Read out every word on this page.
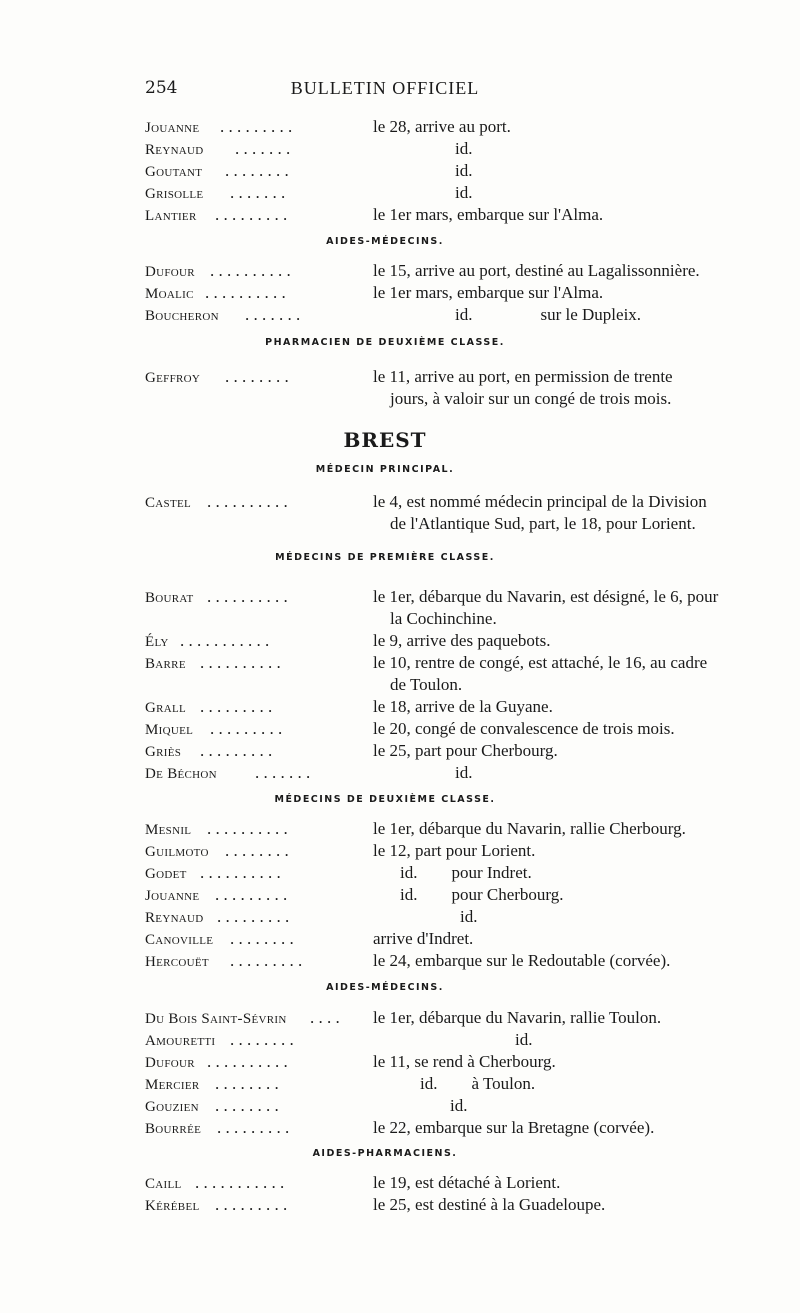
254	BULLETIN OFFICIEL
Jouanne . . . . . . . . .	le 28, arrive au port.
Reynaud . . . . . . .	id.
Goutant . . . . . . . .	id.
Grisolle . . . . . . .	id.
Lantier . . . . . . . . .	le 1er mars, embarque sur l'Alma.
AIDES-MÉDECINS.
Dufour . . . . . . . . . .	le 15, arrive au port, destiné au Lagalissonnière.
Moalic . . . . . . . . . .	le 1er mars, embarque sur l'Alma.
Boucheron . . . . . . .	id.                sur le Dupleix.
PHARMACIEN DE DEUXIÈME CLASSE.
Geffroy . . . . . . . .	le 11, arrive au port, en permission de trente
jours, à valoir sur un congé de trois mois.
BREST
MÉDECIN PRINCIPAL.
Castel . . . . . . . . . .	le 4, est nommé médecin principal de la Division
de l'Atlantique Sud, part, le 18, pour Lorient.
MÉDECINS DE PREMIÈRE CLASSE.
Bourat . . . . . . . . . .	le 1er, débarque du Navarin, est désigné, le 6, pour
la Cochinchine.
Ély . . . . . . . . . . .	le 9, arrive des paquebots.
Barre . . . . . . . . . .	le 10, rentre de congé, est attaché, le 16, au cadre
de Toulon.
Grall . . . . . . . . .	le 18, arrive de la Guyane.
Miquel . . . . . . . . .	le 20, congé de convalescence de trois mois.
Griès . . . . . . . . .	le 25, part pour Cherbourg.
De Béchon . . . . . . .	id.
MÉDECINS DE DEUXIÈME CLASSE.
Mesnil . . . . . . . . . .	le 1er, débarque du Navarin, rallie Cherbourg.
Guilmoto . . . . . . . .	le 12, part pour Lorient.
Godet . . . . . . . . . .	id.        pour Indret.
Jouanne . . . . . . . . .	id.        pour Cherbourg.
Reynaud . . . . . . . . .	id.
Canoville . . . . . . . .	arrive d'Indret.
Hercouët . . . . . . . . .	le 24, embarque sur le Redoutable (corvée).
AIDES-MÉDECINS.
Du Bois Saint-Sévrin . . . . le 1er, débarque du Navarin, rallie Toulon.
Amouretti . . . . . . . .	id.
Dufour . . . . . . . . . .	le 11, se rend à Cherbourg.
Mercier . . . . . . . .	id.        à Toulon.
Gouzien . . . . . . . .	id.
Bourrée . . . . . . . . .	le 22, embarque sur la Bretagne (corvée).
AIDES-PHARMACIENS.
Caill . . . . . . . . . . .	le 19, est détaché à Lorient.
Kérébel . . . . . . . . .	le 25, est destiné à la Guadeloupe.
